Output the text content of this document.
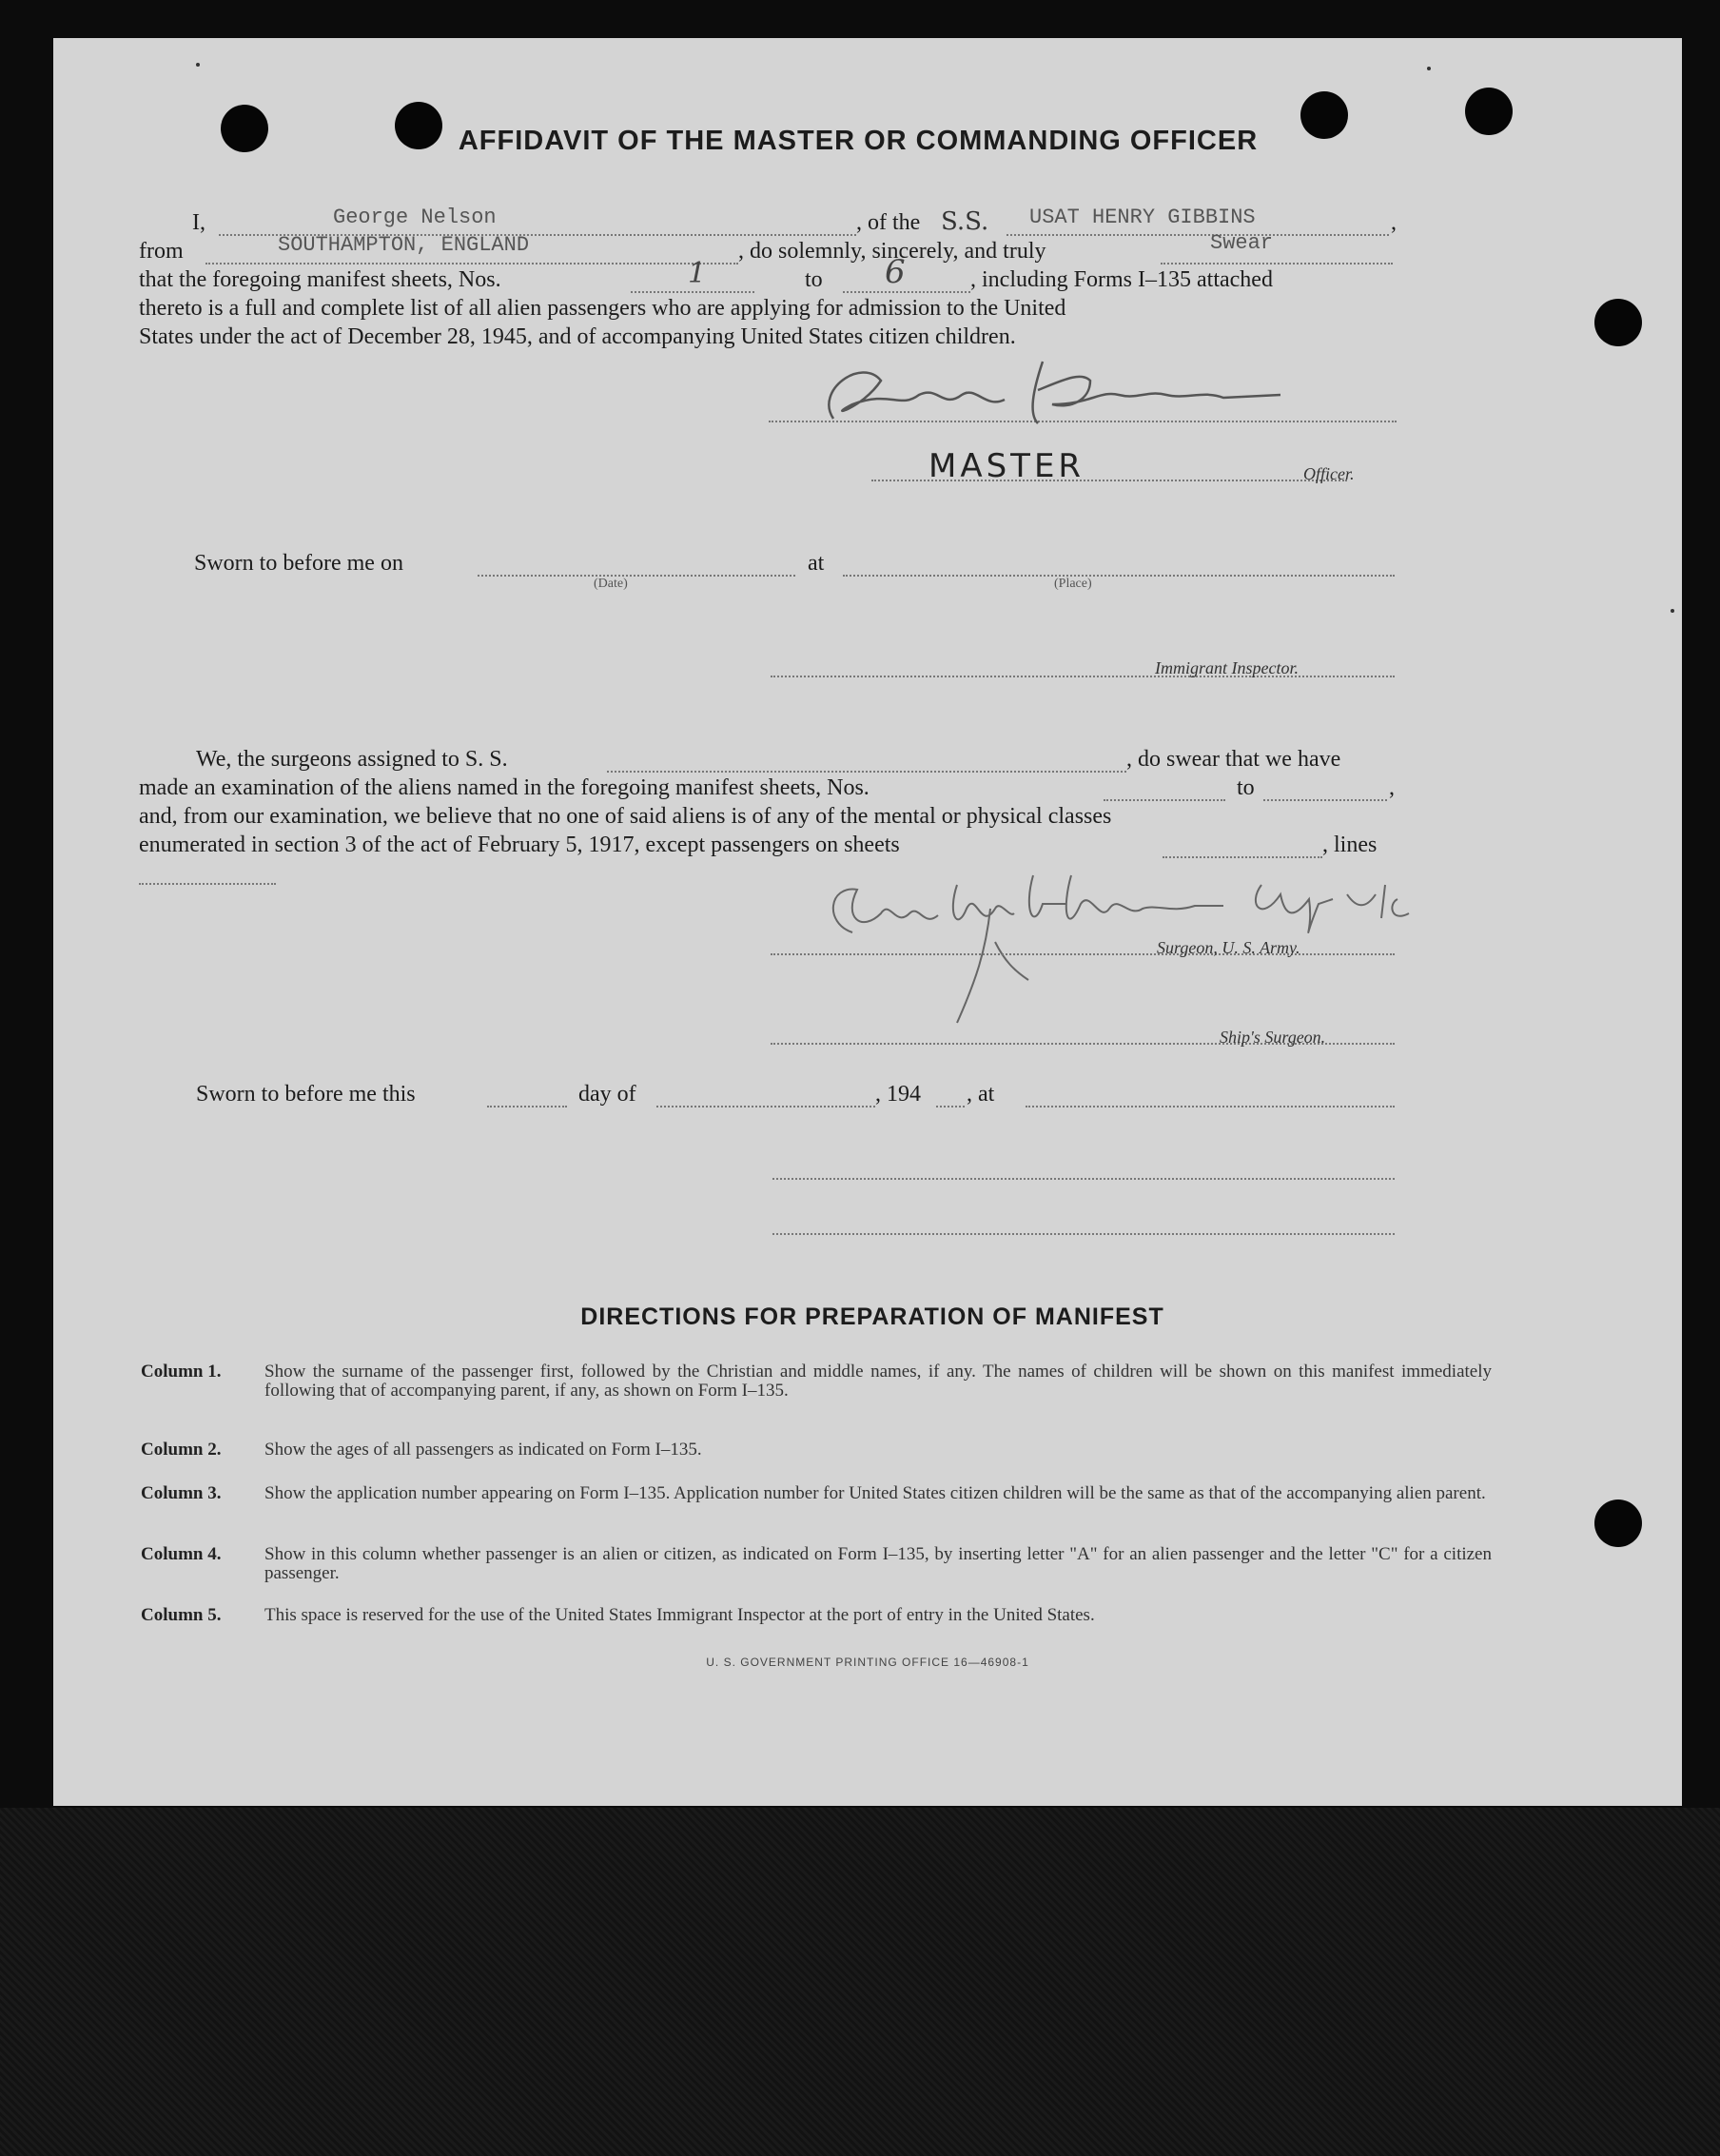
AFFIDAVIT OF THE MASTER OR COMMANDING OFFICER
I,	George Nelson	, of the S.S. USAT HENRY GIBBINS	,
from	SOUTHAMPTON, ENGLAND	, do solemnly, sincerely, and truly	Swear
that the foregoing manifest sheets, Nos.	1	to 6	, including Forms I–135 attached
thereto is a full and complete list of all alien passengers who are applying for admission to the United
States under the act of December 28, 1945, and of accompanying United States citizen children.
MASTER	Officer.
Sworn to before me on
(Date)
at
(Place)
Immigrant Inspector.
We, the surgeons assigned to S. S.	, do swear that we have
made an examination of the aliens named in the foregoing manifest sheets, Nos.	to	,
and, from our examination, we believe that no one of said aliens is of any of the mental or physical classes
enumerated in section 3 of the act of February 5, 1917, except passengers on sheets	, lines
Surgeon, U. S. Army.
Ship's Surgeon.
Sworn to before me this	day of	, 194 , at
DIRECTIONS FOR PREPARATION OF MANIFEST
Column 1. Show the surname of the passenger first, followed by the Christian and middle names, if any. The names of children will be shown on this manifest immediately following that of accompanying parent, if any, as shown on Form I–135.
Column 2. Show the ages of all passengers as indicated on Form I–135.
Column 3. Show the application number appearing on Form I–135. Application number for United States citizen children will be the same as that of the accompanying alien parent.
Column 4. Show in this column whether passenger is an alien or citizen, as indicated on Form I–135, by inserting letter "A" for an alien passenger and the letter "C" for a citizen passenger.
Column 5. This space is reserved for the use of the United States Immigrant Inspector at the port of entry in the United States.
U. S. GOVERNMENT PRINTING OFFICE 16—46908-1
